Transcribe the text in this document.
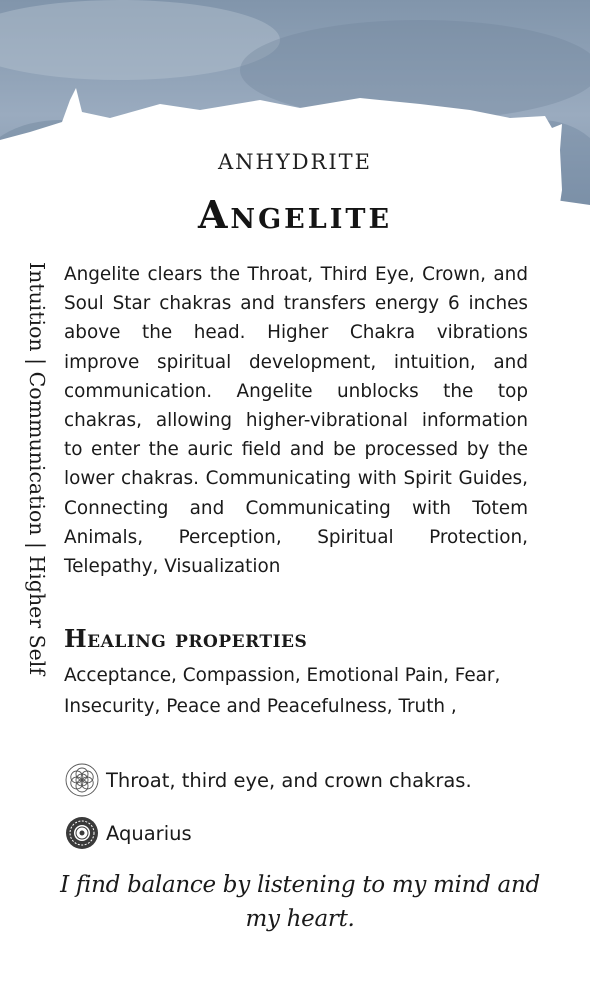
ANHYDRITE
Angelite
Intuition | Communication | Higher Self Angelite clears the Throat, Third Eye, Crown, and Soul Star chakras and transfers energy 6 inches above the head. Higher Chakra vibrations improve spiritual development, intuition, and communication. Angelite unblocks the top chakras, allowing higher-vibrational information to enter the auric field and be processed by the lower chakras. Communicating with Spirit Guides, Connecting and Communicating with Totem Animals, Perception, Spiritual Protection, Telepathy, Visualization

Healing properties

Acceptance, Compassion, Emotional Pain, Fear, Insecurity, Peace and Peacefulness, Truth ,

Throat, third eye, and crown chakras.
Aquarius
I find balance by listening to my mind and my heart.
